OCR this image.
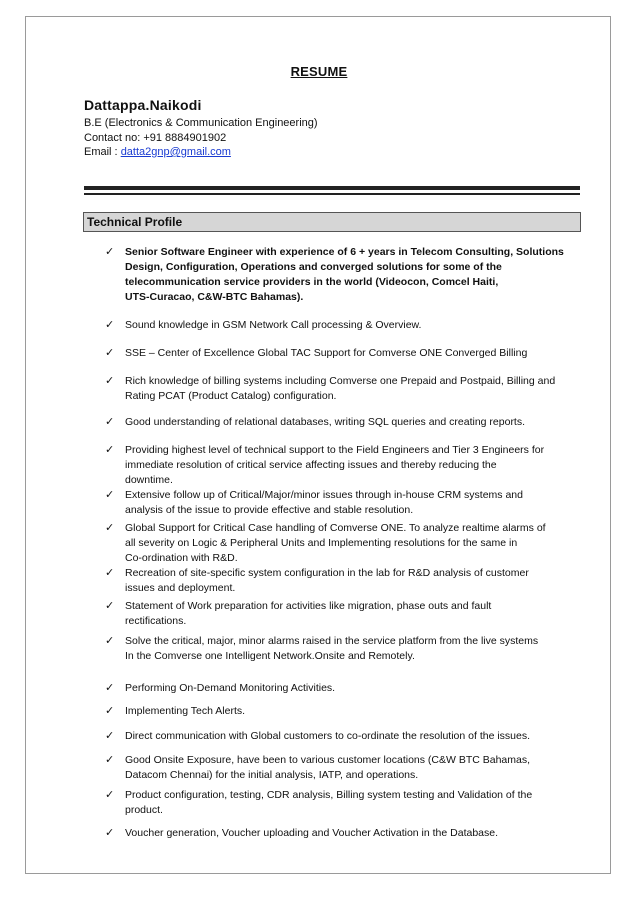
RESUME
Dattappa.Naikodi
B.E (Electronics & Communication Engineering)
Contact no: +91 8884901902
Email : datta2gnp@gmail.com
Technical Profile
✓ Senior Software Engineer with experience of 6 + years in Telecom Consulting, Solutions
Design, Configuration, Operations and converged solutions for some of the
telecommunication service providers in the world (Videocon, Comcel Haiti,
UTS-Curacao, C&W-BTC Bahamas).
✓ Sound knowledge in GSM Network Call processing & Overview.
✓ SSE – Center of Excellence Global TAC Support for Comverse ONE Converged Billing
✓ Rich knowledge of billing systems including Comverse one Prepaid and Postpaid, Billing and
Rating PCAT (Product Catalog) configuration.
✓ Good understanding of relational databases, writing SQL queries and creating reports.
✓ Providing highest level of technical support to the Field Engineers and Tier 3 Engineers for
immediate resolution of critical service affecting issues and thereby reducing the
downtime.
✓ Extensive follow up of Critical/Major/minor issues through in-house CRM systems and
analysis of the issue to provide effective and stable resolution.
✓ Global Support for Critical Case handling of Comverse ONE. To analyze realtime alarms of
all severity on Logic & Peripheral Units and Implementing resolutions for the same in
Co-ordination with R&D.
✓ Recreation of site-specific system configuration in the lab for R&D analysis of customer
issues and deployment.
✓ Statement of Work preparation for activities like migration, phase outs and fault
rectifications.
✓ Solve the critical, major, minor alarms raised in the service platform from the live systems
In the Comverse one Intelligent Network.Onsite and Remotely.
✓ Performing On-Demand Monitoring Activities.
✓ Implementing Tech Alerts.
✓ Direct communication with Global customers to co-ordinate the resolution of the issues.
✓ Good Onsite Exposure, have been to various customer locations (C&W BTC Bahamas,
Datacom Chennai) for the initial analysis, IATP, and operations.
✓ Product configuration, testing, CDR analysis, Billing system testing and Validation of the
product.
✓ Voucher generation, Voucher uploading and Voucher Activation in the Database.
